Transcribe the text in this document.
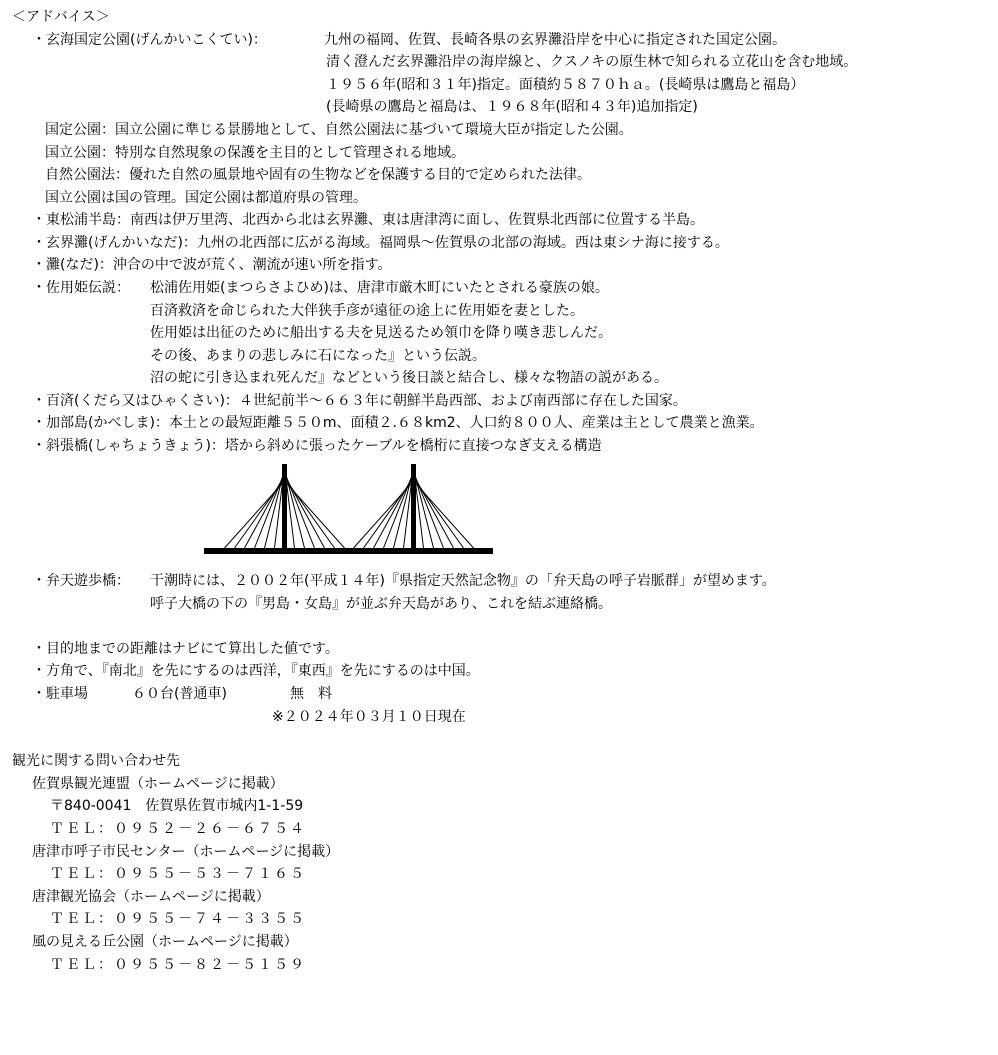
＜アドバイス＞
・玄海国定公園(げんかいこくてい)：	九州の福岡、佐賀、長崎各県の玄界灘沿岸を中心に指定された国定公園。
清く澄んだ玄界灘沿岸の海岸線と、クスノキの原生林で知られる立花山を含む地域。
１９５６年(昭和３１年)指定。面積約５８７０ｈａ。(長崎県は鷹島と福島）
(長崎県の鷹島と福島は、１９６８年(昭和４３年)追加指定)
国定公園：国立公園に準じる景勝地として、自然公園法に基づいて環境大臣が指定した公園。
国立公園：特別な自然現象の保護を主目的として管理される地域。
自然公園法：優れた自然の風景地や固有の生物などを保護する目的で定められた法律。
国立公園は国の管理。国定公園は都道府県の管理。
・東松浦半島：南西は伊万里湾、北西から北は玄界灘、東は唐津湾に面し、佐賀県北西部に位置する半島。
・玄界灘(げんかいなだ)：九州の北西部に広がる海域。福岡県〜佐賀県の北部の海域。西は東シナ海に接する。
・灘(なだ)：沖合の中で波が荒く、潮流が速い所を指す。
・佐用姫伝説： 松浦佐用姫(まつらさよひめ)は、唐津市厳木町にいたとされる豪族の娘。
百済救済を命じられた大伴狭手彦が遠征の途上に佐用姫を妻とした。
佐用姫は出征のために船出する夫を見送るため領巾を降り嘆き悲しんだ。
その後、あまりの悲しみに石になった』という伝説。
沼の蛇に引き込まれ死んだ』などという後日談と結合し、様々な物語の説がある。
・百済(くだら又はひゃくさい)：４世紀前半〜６６３年に朝鮮半島西部、および南西部に存在した国家。
・加部島(かべしま)：本土との最短距離５５０m、面積２.６８km2、人口約８００人、産業は主として農業と漁業。
・斜張橋(しゃちょうきょう)：塔から斜めに張ったケーブルを橋桁に直接つなぎ支える構造
・弁天遊歩橋： 干潮時には、２００２年(平成１４年)『県指定天然記念物』の「弁天島の呼子岩脈群」が望めます。
呼子大橋の下の『男島・女島』が並ぶ弁天島があり、これを結ぶ連絡橋。
・目的地までの距離はナビにて算出した値です。
・方角で、『南北』を先にするのは西洋，『東西』を先にするのは中国。
・駐車場	６０台(普通車)	無　料
※２０２４年０３月１０日現在
観光に関する問い合わせ先
佐賀県観光連盟（ホームページに掲載）
〒840-0041　佐賀県佐賀市城内1-1-59
ＴＥＬ：０９５２－２６－６７５４
唐津市呼子市民センター（ホームページに掲載）
ＴＥＬ：０９５５－５３－７１６５
唐津観光協会（ホームページに掲載）
ＴＥＬ：０９５５－７４－３３５５
風の見える丘公園（ホームページに掲載）
ＴＥＬ：０９５５－８２－５１５９
